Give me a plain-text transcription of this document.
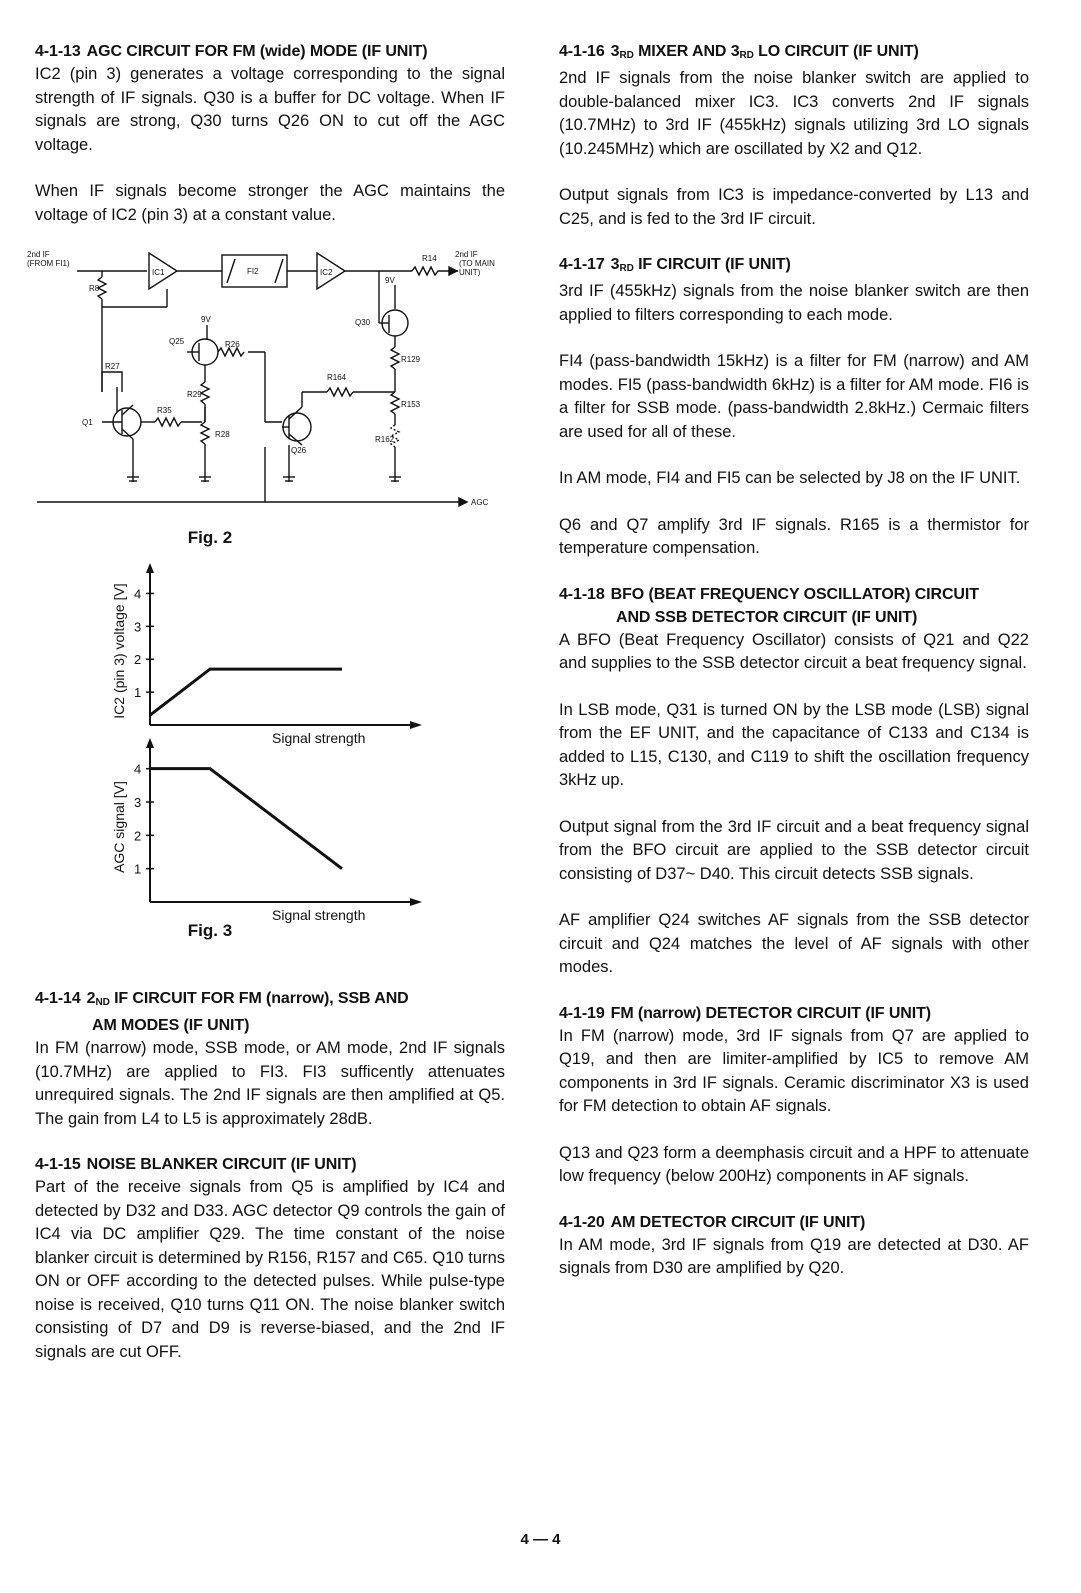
4-1-13 AGC CIRCUIT FOR FM (wide) MODE (IF UNIT)

IC2 (pin 3) generates a voltage corresponding to the signal strength of IF signals. Q30 is a buffer for DC voltage. When IF signals are strong, Q30 turns Q26 ON to cut off the AGC voltage.

When IF signals become stronger the AGC maintains the voltage of IC2 (pin 3) at a constant value.

2nd IF
(FROM FI1)
IC1	FI2	IC2
R14 2nd IF
(TO MAIN
UNIT)
R8
9V
Q30
9V
Q25	R26
R27
R29
R164
R129
R153
R162
Q1
R35
R28
Q26
AGC
Fig. 2
1
2
3
4
Signal strength
IC2 (pin 3) voltage [V]
1
2
3
4
Signal strength
AGC signal [V]
Fig. 3
4-1-14 $2_{ND}$ IF CIRCUIT FOR FM (narrow), SSB AND
AM MODES (IF UNIT)

In FM (narrow) mode, SSB mode, or AM mode, 2nd IF signals (10.7MHz) are applied to FI3. FI3 sufficently attenuates unrequired signals. The 2nd IF signals are then amplified at Q5. The gain from L4 to L5 is approximately 28dB.

4-1-15 NOISE BLANKER CIRCUIT (IF UNIT)

Part of the receive signals from Q5 is amplified by IC4 and detected by D32 and D33. AGC detector Q9 controls the gain of IC4 via DC amplifier Q29. The time constant of the noise blanker circuit is determined by R156, R157 and C65. Q10 turns ON or OFF according to the detected pulses. While pulse-type noise is received, Q10 turns Q11 ON. The noise blanker switch consisting of D7 and D9 is reverse-biased, and the 2nd IF signals are cut OFF.

4-1-16 $3_{RD}$ MIXER AND $3_{RD}$ LO CIRCUIT (IF UNIT)

2nd IF signals from the noise blanker switch are applied to double-balanced mixer IC3. IC3 converts 2nd IF signals (10.7MHz) to 3rd IF (455kHz) signals utilizing 3rd LO signals (10.245MHz) which are oscillated by X2 and Q12.

Output signals from IC3 is impedance-converted by L13 and C25, and is fed to the 3rd IF circuit.

4-1-17 $3_{RD}$ IF CIRCUIT (IF UNIT)

3rd IF (455kHz) signals from the noise blanker switch are then applied to filters corresponding to each mode.

FI4 (pass-bandwidth 15kHz) is a filter for FM (narrow) and AM modes. FI5 (pass-bandwidth 6kHz) is a filter for AM mode. FI6 is a filter for SSB mode. (pass-bandwidth 2.8kHz.) Cermaic filters are used for all of these.

In AM mode, FI4 and FI5 can be selected by J8 on the IF UNIT.

Q6 and Q7 amplify 3rd IF signals. R165 is a thermistor for temperature compensation.

4-1-18 BFO (BEAT FREQUENCY OSCILLATOR) CIRCUIT
AND SSB DETECTOR CIRCUIT (IF UNIT)

A BFO (Beat Frequency Oscillator) consists of Q21 and Q22 and supplies to the SSB detector circuit a beat frequency signal.

In LSB mode, Q31 is turned ON by the LSB mode (LSB) signal from the EF UNIT, and the capacitance of C133 and C134 is added to L15, C130, and C119 to shift the oscillation frequency 3kHz up.

Output signal from the 3rd IF circuit and a beat frequency signal from the BFO circuit are applied to the SSB detector circuit consisting of D37~ D40. This circuit detects SSB signals.

AF amplifier Q24 switches AF signals from the SSB detector circuit and Q24 matches the level of AF signals with other modes.

4-1-19 FM (narrow) DETECTOR CIRCUIT (IF UNIT)

In FM (narrow) mode, 3rd IF signals from Q7 are applied to Q19, and then are limiter-amplified by IC5 to remove AM components in 3rd IF signals. Ceramic discriminator X3 is used for FM detection to obtain AF signals.

Q13 and Q23 form a deemphasis circuit and a HPF to attenuate low frequency (below 200Hz) components in AF signals.

4-1-20 AM DETECTOR CIRCUIT (IF UNIT)

In AM mode, 3rd IF signals from Q19 are detected at D30. AF signals from D30 are amplified by Q20.

4 — 4
